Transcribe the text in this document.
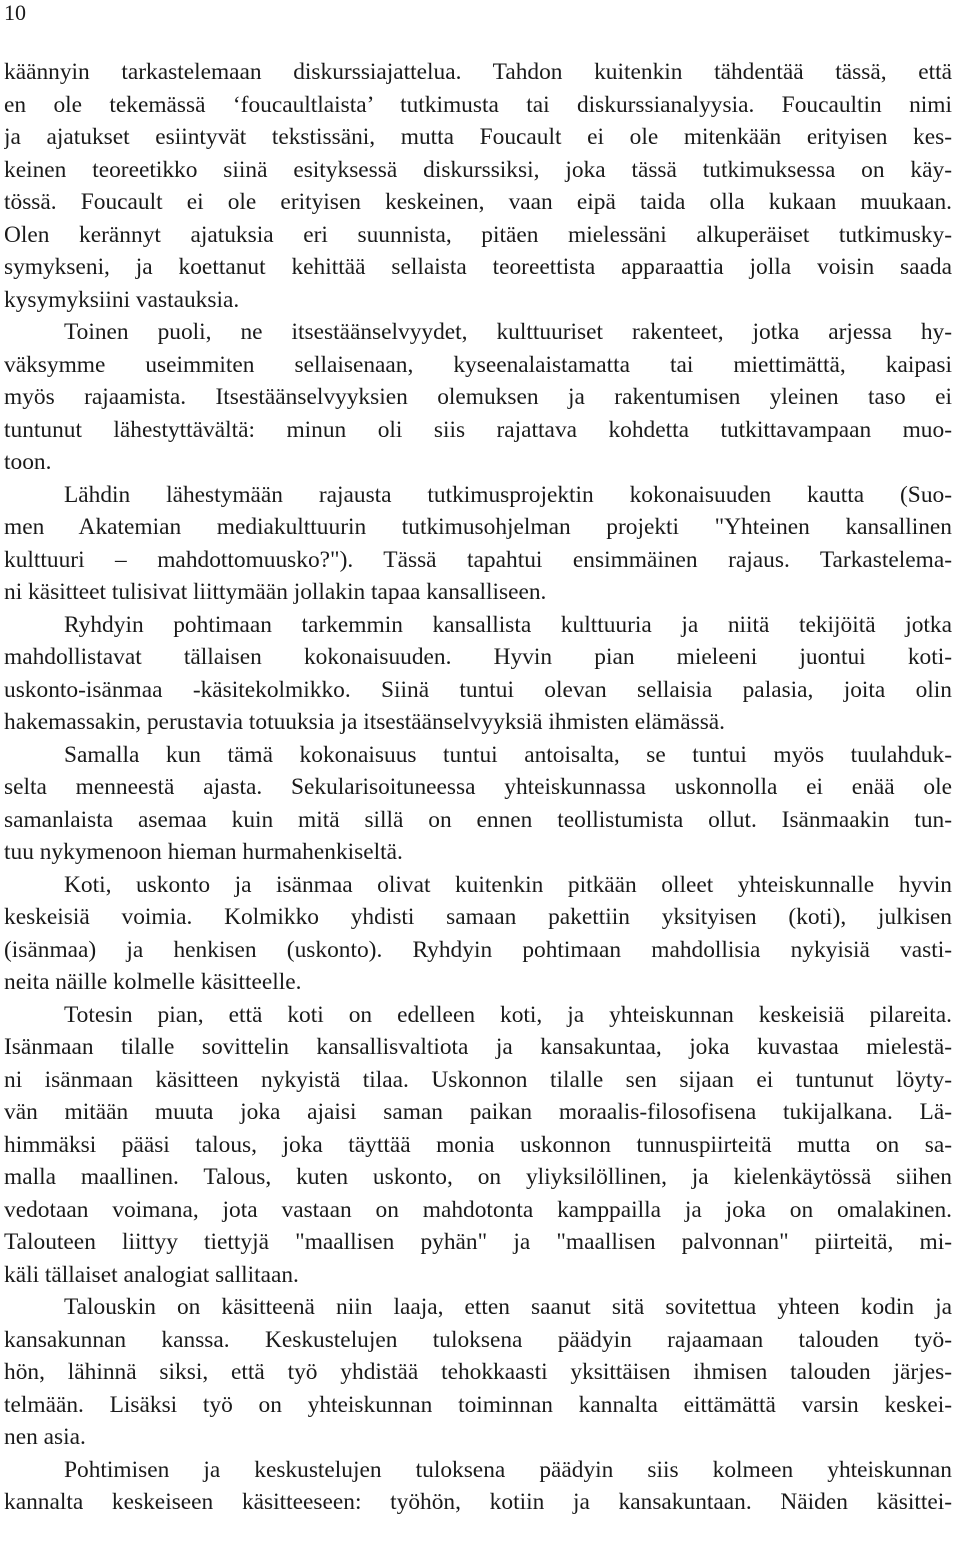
10
käännyin tarkastelemaan diskurssiajattelua. Tahdon kuitenkin tähdentää tässä, että
en ole tekemässä ‘foucaultlaista’ tutkimusta tai diskurssianalyysia. Foucaultin nimi
ja ajatukset esiintyvät tekstissäni, mutta Foucault ei ole mitenkään erityisen kes-
keinen teoreetikko siinä esityksessä diskurssiksi, joka tässä tutkimuksessa on käy-
tössä. Foucault ei ole erityisen keskeinen, vaan eipä taida olla kukaan muukaan.
Olen kerännyt ajatuksia eri suunnista, pitäen mielessäni alkuperäiset tutkimusky-
symykseni, ja koettanut kehittää sellaista teoreettista apparaattia jolla voisin saada
kysymyksiini vastauksia.
Toinen puoli, ne itsestäänselvyydet, kulttuuriset rakenteet, jotka arjessa hy-
väksymme useimmiten sellaisenaan, kyseenalaistamatta tai miettimättä, kaipasi
myös rajaamista. Itsestäänselvyyksien olemuksen ja rakentumisen yleinen taso ei
tuntunut lähestyttävältä: minun oli siis rajattava kohdetta tutkittavampaan muo-
toon.
Lähdin lähestymään rajausta tutkimusprojektin kokonaisuuden kautta (Suo-
men Akatemian mediakulttuurin tutkimusohjelman projekti "Yhteinen kansallinen
kulttuuri – mahdottomuusko?"). Tässä tapahtui ensimmäinen rajaus. Tarkastelema-
ni käsitteet tulisivat liittymään jollakin tapaa kansalliseen.
Ryhdyin pohtimaan tarkemmin kansallista kulttuuria ja niitä tekijöitä jotka
mahdollistavat tällaisen kokonaisuuden. Hyvin pian mieleeni juontui koti-
uskonto-isänmaa -käsitekolmikko. Siinä tuntui olevan sellaisia palasia, joita olin
hakemassakin, perustavia totuuksia ja itsestäänselvyyksiä ihmisten elämässä.
Samalla kun tämä kokonaisuus tuntui antoisalta, se tuntui myös tuulahduk-
selta menneestä ajasta. Sekularisoituneessa yhteiskunnassa uskonnolla ei enää ole
samanlaista asemaa kuin mitä sillä on ennen teollistumista ollut. Isänmaakin tun-
tuu nykymenoon hieman hurmahenkiseltä.
Koti, uskonto ja isänmaa olivat kuitenkin pitkään olleet yhteiskunnalle hyvin
keskeisiä voimia. Kolmikko yhdisti samaan pakettiin yksityisen (koti), julkisen
(isänmaa) ja henkisen (uskonto). Ryhdyin pohtimaan mahdollisia nykyisiä vasti-
neita näille kolmelle käsitteelle.
Totesin pian, että koti on edelleen koti, ja yhteiskunnan keskeisiä pilareita.
Isänmaan tilalle sovittelin kansallisvaltiota ja kansakuntaa, joka kuvastaa mielestä-
ni isänmaan käsitteen nykyistä tilaa. Uskonnon tilalle sen sijaan ei tuntunut löyty-
vän mitään muuta joka ajaisi saman paikan moraalis-filosofisena tukijalkana. Lä-
himmäksi pääsi talous, joka täyttää monia uskonnon tunnuspiirteitä mutta on sa-
malla maallinen. Talous, kuten uskonto, on yliyksilöllinen, ja kielenkäytössä siihen
vedotaan voimana, jota vastaan on mahdotonta kamppailla ja joka on omalakinen.
Talouteen liittyy tiettyjä "maallisen pyhän" ja "maallisen palvonnan" piirteitä, mi-
käli tällaiset analogiat sallitaan.
Talouskin on käsitteenä niin laaja, etten saanut sitä sovitettua yhteen kodin ja
kansakunnan kanssa. Keskustelujen tuloksena päädyin rajaamaan talouden työ-
hön, lähinnä siksi, että työ yhdistää tehokkaasti yksittäisen ihmisen talouden järjes-
telmään. Lisäksi työ on yhteiskunnan toiminnan kannalta eittämättä varsin keskei-
nen asia.
Pohtimisen ja keskustelujen tuloksena päädyin siis kolmeen yhteiskunnan
kannalta keskeiseen käsitteeseen: työhön, kotiin ja kansakuntaan. Näiden käsittei-
